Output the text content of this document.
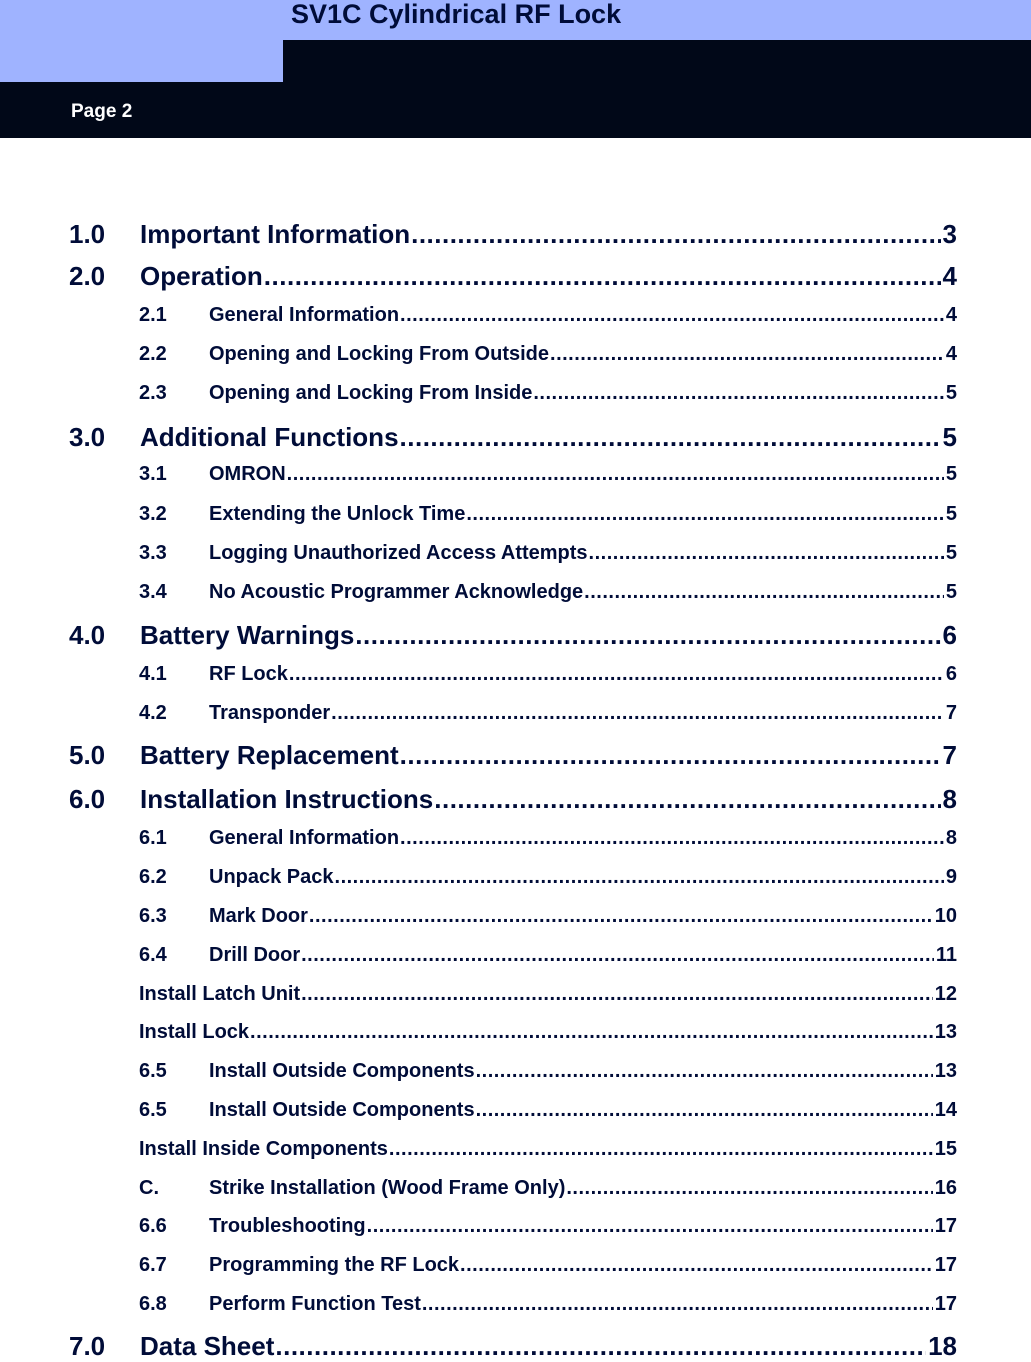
SV1C Cylindrical RF Lock
Page 2
1.0	Important Information .....	3
2.0	Operation .....	4
2.1	General Information .....	4
2.2	Opening and Locking From Outside .....	4
2.3	Opening and Locking From Inside .....	5
3.0	Additional Functions .....	5
3.1	OMRON .....	5
3.2	Extending the Unlock Time .....	5
3.3	Logging Unauthorized Access Attempts .....	5
3.4	No Acoustic Programmer Acknowledge .....	5
4.0	Battery Warnings .....	6
4.1	RF Lock .....	6
4.2	Transponder .....	7
5.0	Battery Replacement .....	7
6.0	Installation Instructions .....	8
6.1	General Information .....	8
6.2	Unpack Pack .....	9
6.3	Mark Door .....	10
6.4	Drill Door .....	11
Install Latch Unit .....	12
Install Lock .....	13
6.5	Install Outside Components .....	13
6.5	Install Outside Components .....	14
Install Inside Components .....	15
C.	Strike Installation (Wood Frame Only) .....	16
6.6	Troubleshooting .....	17
6.7	Programming the RF Lock .....	17
6.8	Perform Function Test .....	17
7.0	Data Sheet .....	18
